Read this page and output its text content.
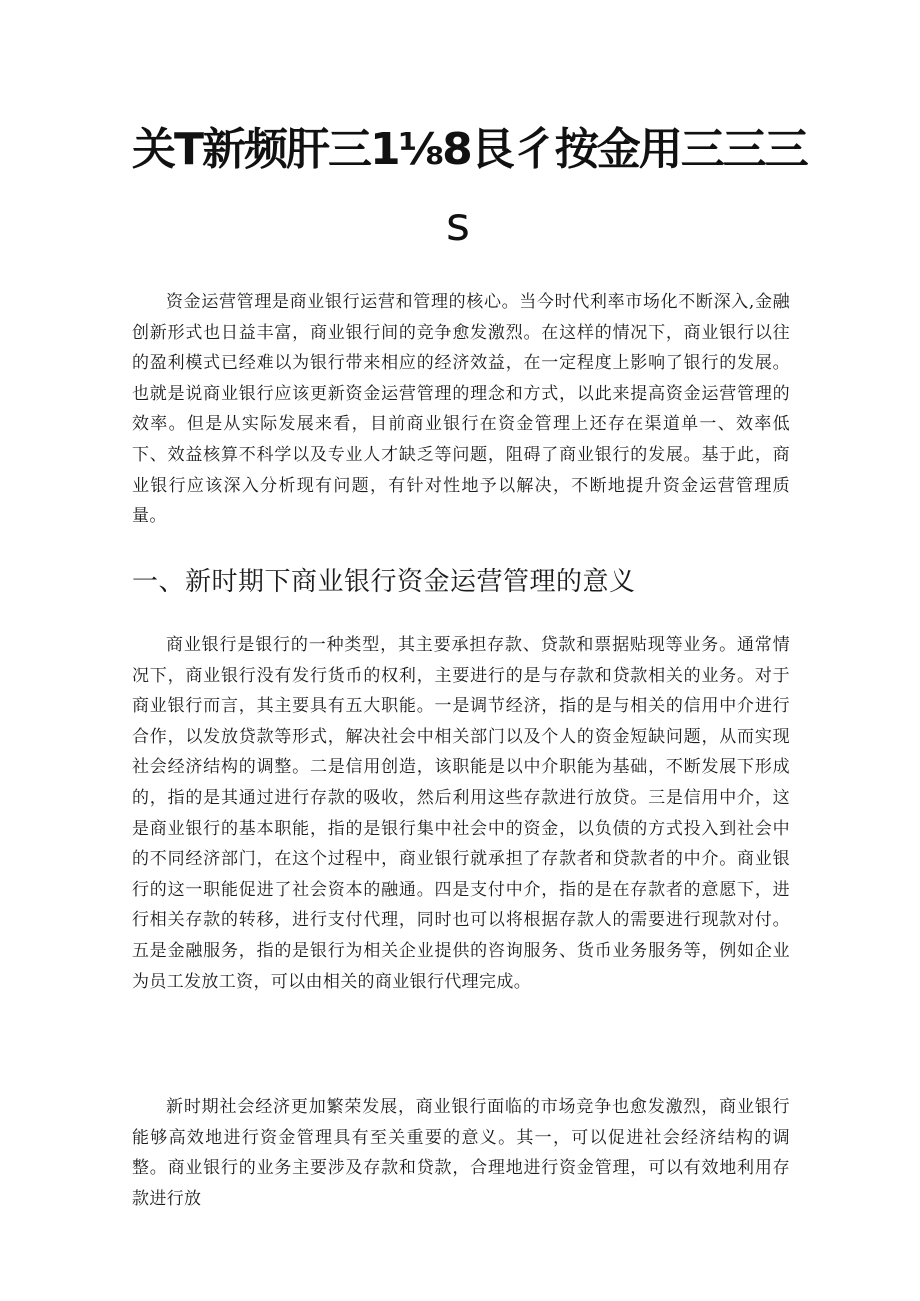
关T新频肝三1⅛8艮彳按金用三三三
s

资金运营管理是商业银行运营和管理的核心。当今时代利率市场化不断深入,金融创新形式也日益丰富，商业银行间的竞争愈发激烈。在这样的情况下，商业银行以往的盈利模式已经难以为银行带来相应的经济效益，在一定程度上影响了银行的发展。也就是说商业银行应该更新资金运营管理的理念和方式，以此来提高资金运营管理的效率。但是从实际发展来看，目前商业银行在资金管理上还存在渠道单一、效率低下、效益核算不科学以及专业人才缺乏等问题，阻碍了商业银行的发展。基于此，商业银行应该深入分析现有问题，有针对性地予以解决，不断地提升资金运营管理质量。

一、新时期下商业银行资金运营管理的意义

商业银行是银行的一种类型，其主要承担存款、贷款和票据贴现等业务。通常情况下，商业银行没有发行货币的权利，主要进行的是与存款和贷款相关的业务。对于商业银行而言，其主要具有五大职能。一是调节经济，指的是与相关的信用中介进行合作，以发放贷款等形式，解决社会中相关部门以及个人的资金短缺问题，从而实现社会经济结构的调整。二是信用创造，该职能是以中介职能为基础，不断发展下形成的，指的是其通过进行存款的吸收，然后利用这些存款进行放贷。三是信用中介，这是商业银行的基本职能，指的是银行集中社会中的资金，以负债的方式投入到社会中的不同经济部门，在这个过程中，商业银行就承担了存款者和贷款者的中介。商业银行的这一职能促进了社会资本的融通。四是支付中介，指的是在存款者的意愿下，进行相关存款的转移，进行支付代理，同时也可以将根据存款人的需要进行现款对付。五是金融服务，指的是银行为相关企业提供的咨询服务、货币业务服务等，例如企业为员工发放工资，可以由相关的商业银行代理完成。

新时期社会经济更加繁荣发展，商业银行面临的市场竞争也愈发激烈，商业银行能够高效地进行资金管理具有至关重要的意义。其一，可以促进社会经济结构的调整。商业银行的业务主要涉及存款和贷款，合理地进行资金管理，可以有效地利用存款进行放
